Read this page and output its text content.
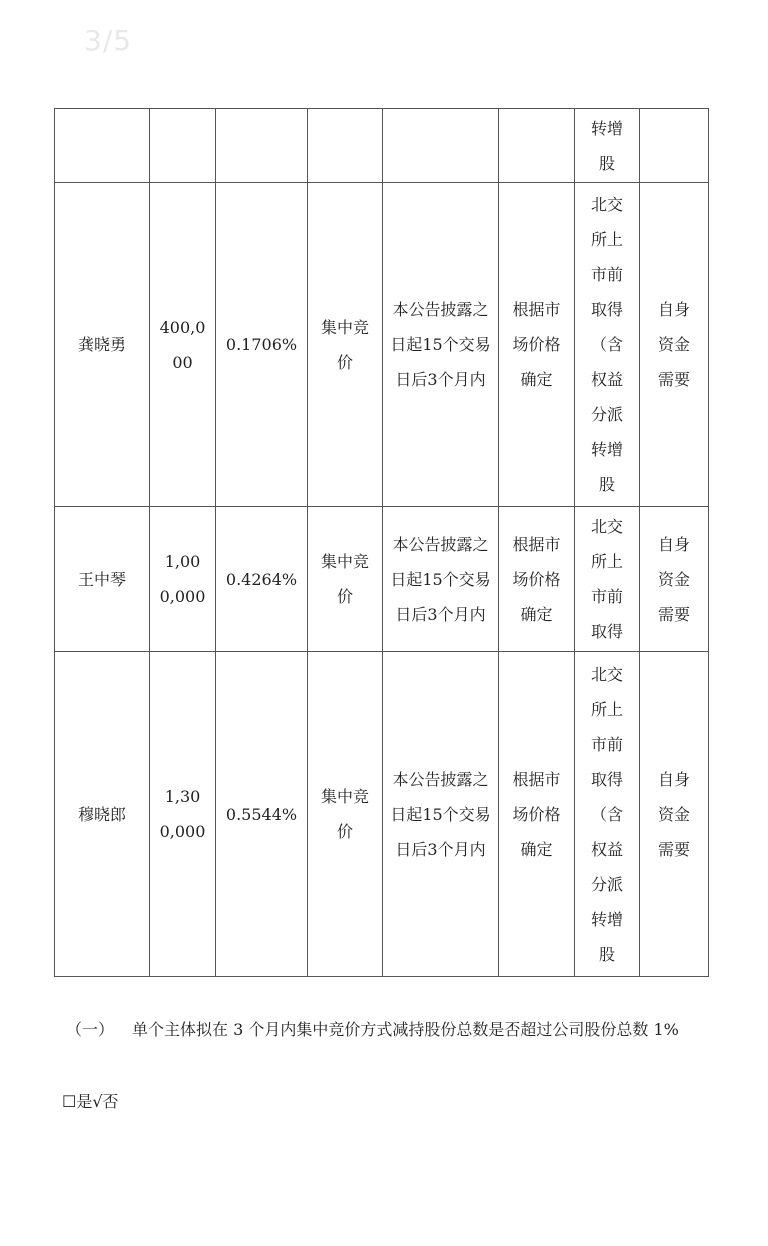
3/5
						转增
股	
龚晓勇	400,000	0.1706%	集中竞价	本公告披露之日起15个交易日后3个月内	根据市场价格确定	北交所上市前取得（含权益分派转增股	自身资金需要
王中琴	1,000,000	0.4264%	集中竞价	本公告披露之日起15个交易日后3个月内	根据市场价格确定	北交所上市前取得	自身资金需要
穆晓郎	1,300,000	0.5544%	集中竞价	本公告披露之日起15个交易日后3个月内	根据市场价格确定	北交所上市前取得（含权益分派转增股	自身资金需要
（一） 单个主体拟在 3 个月内集中竞价方式减持股份总数是否超过公司股份总数 1%
☐是√否
